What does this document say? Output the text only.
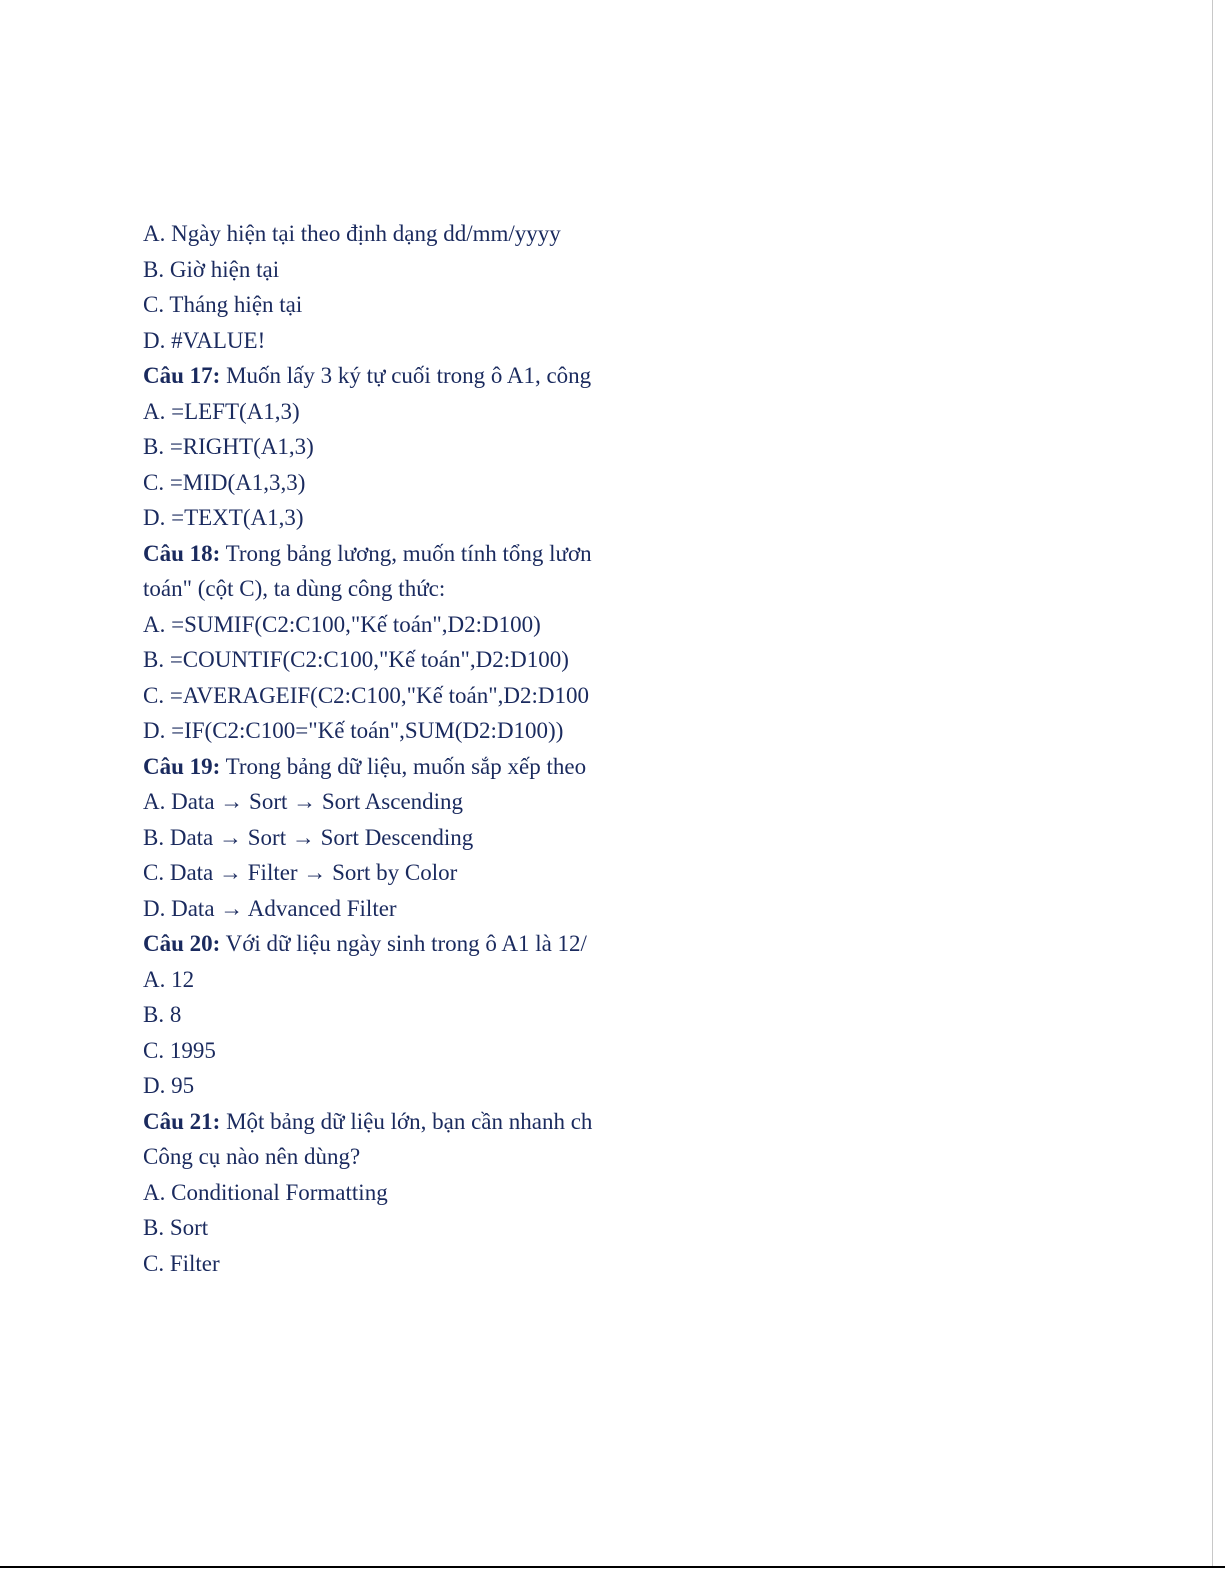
A. Ngày hiện tại theo định dạng dd/mm/yyyy
B. Giờ hiện tại
C. Tháng hiện tại
D. #VALUE!
Câu 17: Muốn lấy 3 ký tự cuối trong ô A1, công
A. =LEFT(A1,3)
B. =RIGHT(A1,3)
C. =MID(A1,3,3)
D. =TEXT(A1,3)
Câu 18: Trong bảng lương, muốn tính tổng lươn
toán" (cột C), ta dùng công thức:
A. =SUMIF(C2:C100,"Kế toán",D2:D100)
B. =COUNTIF(C2:C100,"Kế toán",D2:D100)
C. =AVERAGEIF(C2:C100,"Kế toán",D2:D100
D. =IF(C2:C100="Kế toán",SUM(D2:D100))
Câu 19: Trong bảng dữ liệu, muốn sắp xếp theo
A. Data → Sort → Sort Ascending
B. Data → Sort → Sort Descending
C. Data → Filter → Sort by Color
D. Data → Advanced Filter
Câu 20: Với dữ liệu ngày sinh trong ô A1 là 12/
A. 12
B. 8
C. 1995
D. 95
Câu 21: Một bảng dữ liệu lớn, bạn cần nhanh ch
Công cụ nào nên dùng?
A. Conditional Formatting
B. Sort
C. Filter
